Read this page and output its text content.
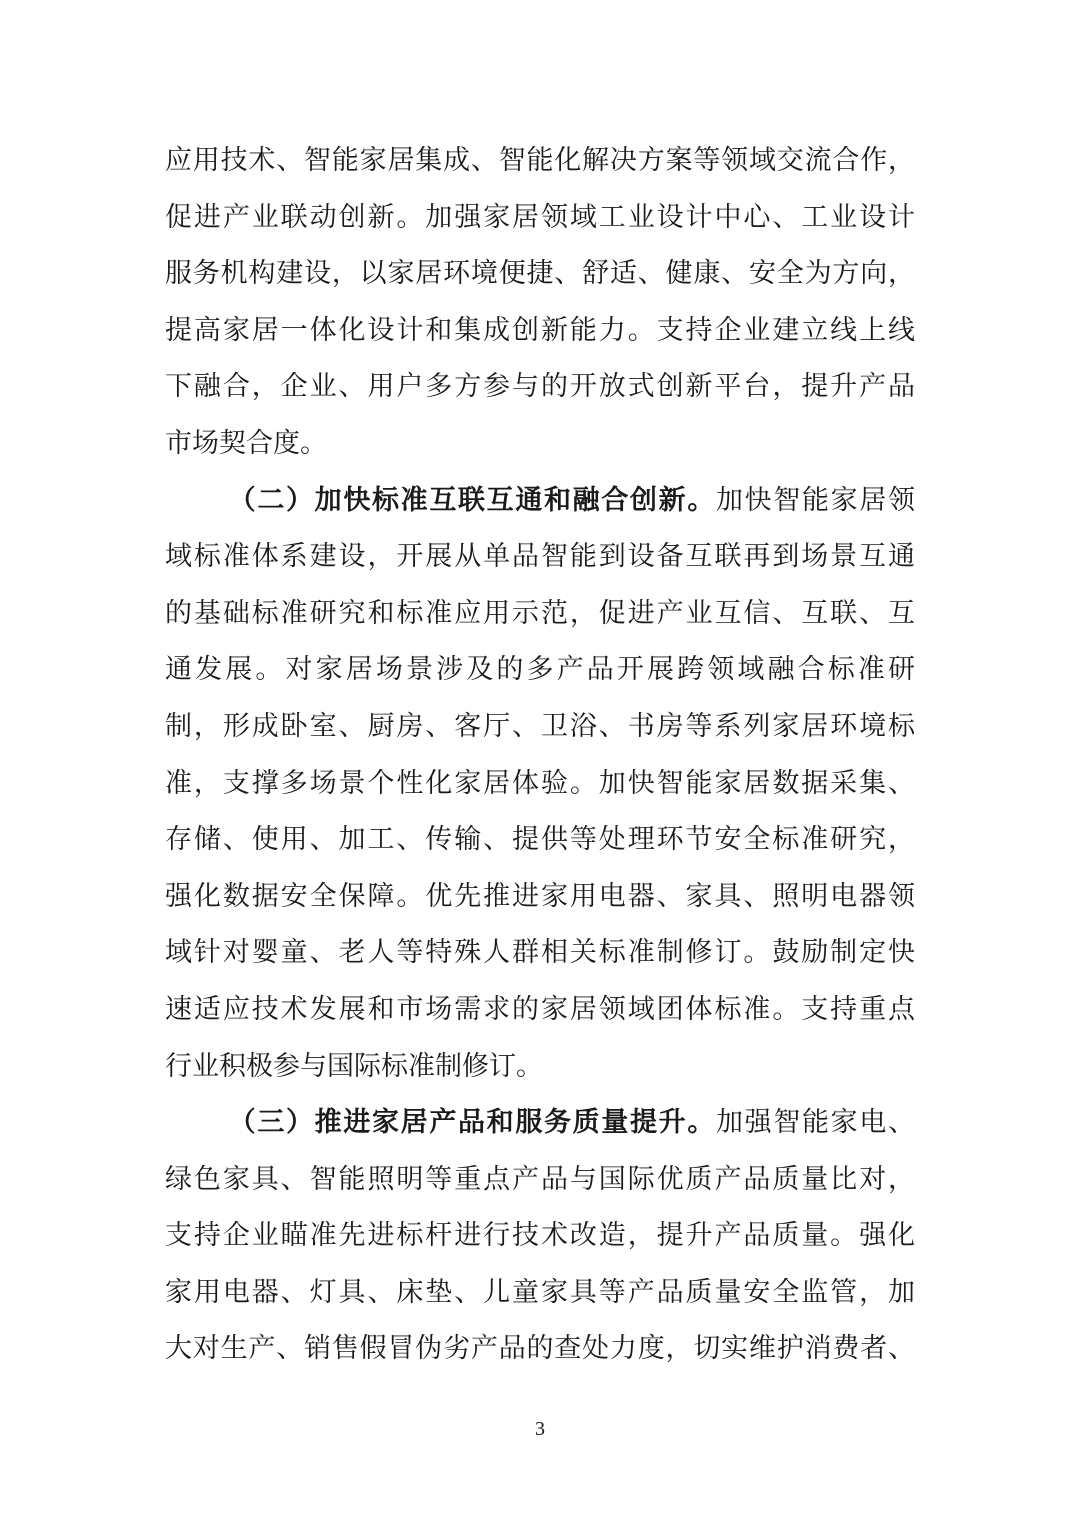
应用技术、智能家居集成、智能化解决方案等领域交流合作，
促进产业联动创新。加强家居领域工业设计中心、工业设计
服务机构建设，以家居环境便捷、舒适、健康、安全为方向，
提高家居一体化设计和集成创新能力。支持企业建立线上线
下融合，企业、用户多方参与的开放式创新平台，提升产品
市场契合度。
（二）加快标准互联互通和融合创新。加快智能家居领
域标准体系建设，开展从单品智能到设备互联再到场景互通
的基础标准研究和标准应用示范，促进产业互信、互联、互
通发展。对家居场景涉及的多产品开展跨领域融合标准研
制，形成卧室、厨房、客厅、卫浴、书房等系列家居环境标
准，支撑多场景个性化家居体验。加快智能家居数据采集、
存储、使用、加工、传输、提供等处理环节安全标准研究，
强化数据安全保障。优先推进家用电器、家具、照明电器领
域针对婴童、老人等特殊人群相关标准制修订。鼓励制定快
速适应技术发展和市场需求的家居领域团体标准。支持重点
行业积极参与国际标准制修订。
（三）推进家居产品和服务质量提升。加强智能家电、
绿色家具、智能照明等重点产品与国际优质产品质量比对，
支持企业瞄准先进标杆进行技术改造，提升产品质量。强化
家用电器、灯具、床垫、儿童家具等产品质量安全监管，加
大对生产、销售假冒伪劣产品的查处力度，切实维护消费者、
3
